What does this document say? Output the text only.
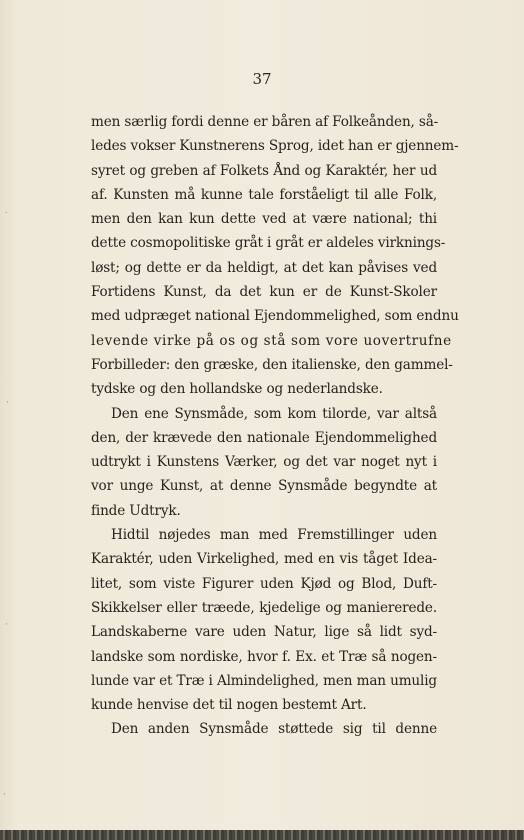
37
men særlig fordi denne er båren af Folkeånden, så-
ledes vokser Kunstnerens Sprog, idet han er gjennem-
syret og greben af Folkets Ånd og Karaktér, her ud
af. Kunsten må kunne tale forståeligt til alle Folk,
men den kan kun dette ved at være national; thi
dette cosmopolitiske gråt i gråt er aldeles virknings-
løst; og dette er da heldigt, at det kan påvises ved
Fortidens Kunst, da det kun er de Kunst-Skoler
med udpræget national Ejendommelighed, som endnu
levende virke på os og stå som vore uovertrufne
Forbilleder: den græske, den italienske, den gammel-
tydske og den hollandske og nederlandske.
Den ene Synsmåde, som kom tilorde, var altså
den, der krævede den nationale Ejendommelighed
udtrykt i Kunstens Værker, og det var noget nyt i
vor unge Kunst, at denne Synsmåde begyndte at
finde Udtryk.
Hidtil nøjedes man med Fremstillinger uden
Karaktér, uden Virkelighed, med en vis tåget Idea-
litet, som viste Figurer uden Kjød og Blod, Duft-
Skikkelser eller træede, kjedelige og maniererede.
Landskaberne vare uden Natur, lige så lidt syd-
landske som nordiske, hvor f. Ex. et Træ så nogen-
lunde var et Træ i Almindelighed, men man umulig
kunde henvise det til nogen bestemt Art.
Den anden Synsmåde støttede sig til denne
˙
·
·
·
